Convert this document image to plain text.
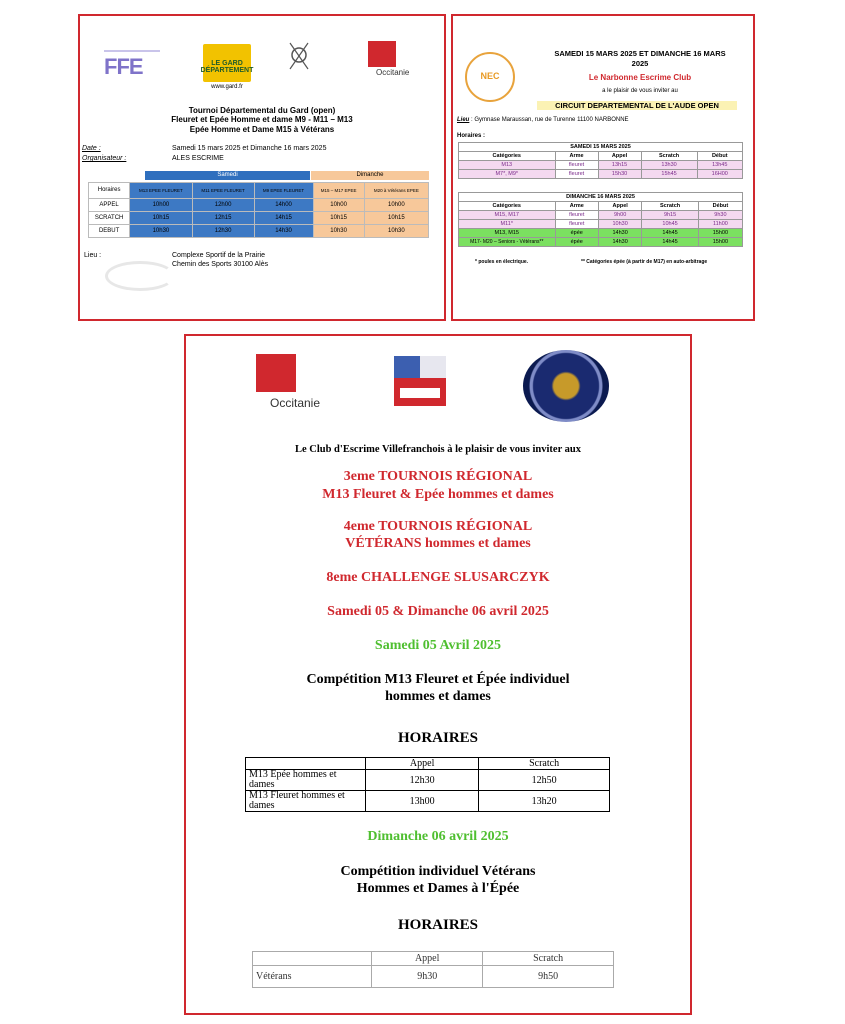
FFE	LE GARD DÉPARTEMENT
www.gard.fr
Occitanie
Tournoi Départemental du Gard (open)
Fleuret et Epée Homme et dame M9 - M11 – M13
Epée Homme et Dame M15 à Vétérans
Date :	Samedi 15 mars 2025 et Dimanche 16 mars 2025
Organisateur :	ALES ESCRIME
Samedi	Dimanche
Horaires	M13 EPEE FLEURET	M11 EPEE FLEURET	M9 EPEE FLEURET	M15 – M17 EPEE	M20 à Vétérans EPEE
APPEL	10h00	12h00	14h00	10h00	10h00
SCRATCH	10h15	12h15	14h15	10h15	10h15
DEBUT	10h30	12h30	14h30	10h30	10h30
Lieu :	Complexe Sportif de la Prairie
Chemin des Sports 30100 Alès
NEC
SAMEDI 15 MARS 2025 ET DIMANCHE 16 MARS
2025
Le Narbonne Escrime Club
a le plaisir de vous inviter au
CIRCUIT DEPARTEMENTAL DE L'AUDE OPEN
Lieu : Gymnase Maraussan, rue de Turenne 11100 NARBONNE
Horaires :
SAMEDI 15 MARS 2025				
Catégories	Arme	Appel	Scratch	Début
M13	fleuret	13h15	13h30	13h45
M7*, M9*	fleuret	15h30	15h45	16H00
DIMANCHE 16 MARS 2025				
Catégories	Arme	Appel	Scratch	Début
M15, M17	fleuret	9h00	9h15	9h30
M11*	fleuret	10h30	10h45	11h00
M13, M15	épée	14h30	14h45	15h00
M17- M20 – Seniors - Vétérans**	épée	14h30	14h45	15h00
* poules en électrique.	** Catégories épée (à partir de M17) en auto-arbitrage
Occitanie
Le Club d'Escrime Villefranchois à le plaisir de vous inviter aux
3eme TOURNOIS RÉGIONAL
M13 Fleuret & Epée hommes et dames
4eme TOURNOIS RÉGIONAL
VÉTÉRANS hommes et dames
8eme CHALLENGE SLUSARCZYK
Samedi 05 & Dimanche 06 avril 2025
Samedi 05 Avril 2025
Compétition M13 Fleuret et Épée individuel
hommes et dames
HORAIRES
	Appel	Scratch
M13 Epée hommes et dames	12h30	12h50
M13 Fleuret hommes et dames	13h00	13h20
Dimanche 06 avril 2025
Compétition individuel Vétérans
Hommes et Dames à l'Épée
HORAIRES
	Appel	Scratch
Vétérans	9h30	9h50
